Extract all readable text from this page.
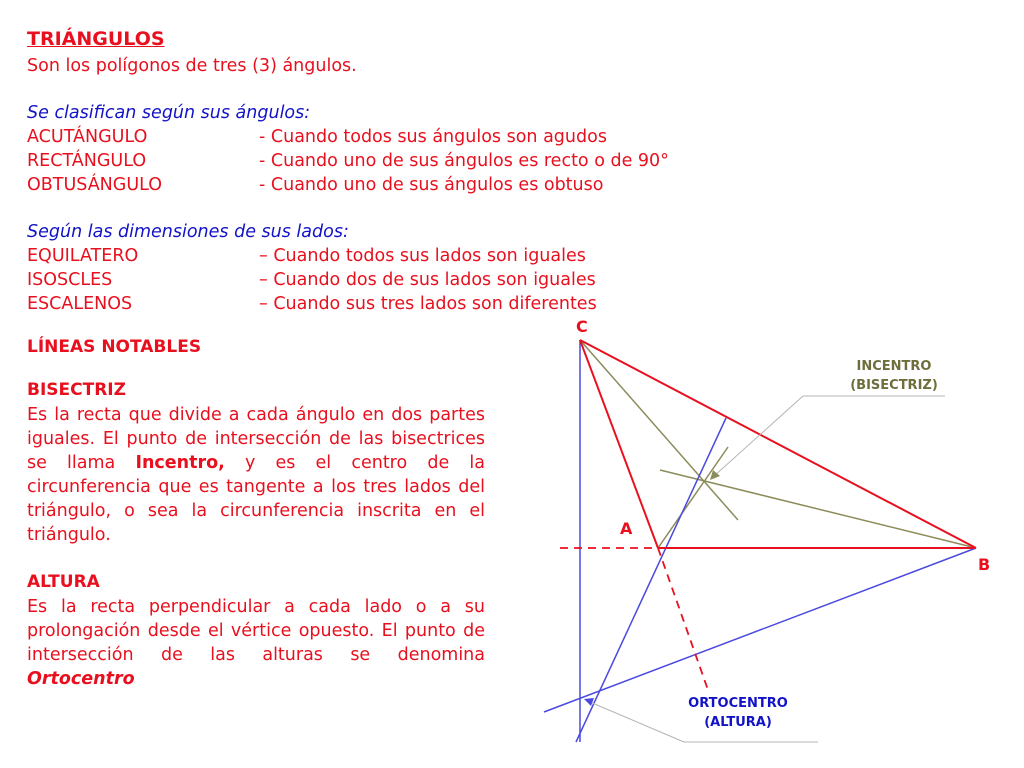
TRIÁNGULOS
Son los polígonos de tres (3) ángulos.
Se clasifican según sus ángulos:
ACUTÁNGULO	- Cuando todos sus ángulos son agudos
RECTÁNGULO	- Cuando uno de sus ángulos es recto o de 90°
OBTUSÁNGULO	- Cuando uno de sus ángulos es obtuso
Según las dimensiones de sus lados:
EQUILATERO	– Cuando todos sus lados son iguales
ISOSCLES	– Cuando dos de sus lados son iguales
ESCALENOS	– Cuando sus tres lados son diferentes
LÍNEAS NOTABLES
BISECTRIZ
Es la recta que divide a cada ángulo en dos partes iguales. El punto de intersección de las bisectrices se llama Incentro, y es el centro de la circunferencia que es tangente a los tres lados del triángulo, o sea la circunferencia inscrita en el triángulo.
ALTURA
Es la recta perpendicular a cada lado o a su prolongación desde el vértice opuesto. El punto de intersección de las alturas se denomina Ortocentro
C
A
B
INCENTRO
(BISECTRIZ)
ORTOCENTRO
(ALTURA)
